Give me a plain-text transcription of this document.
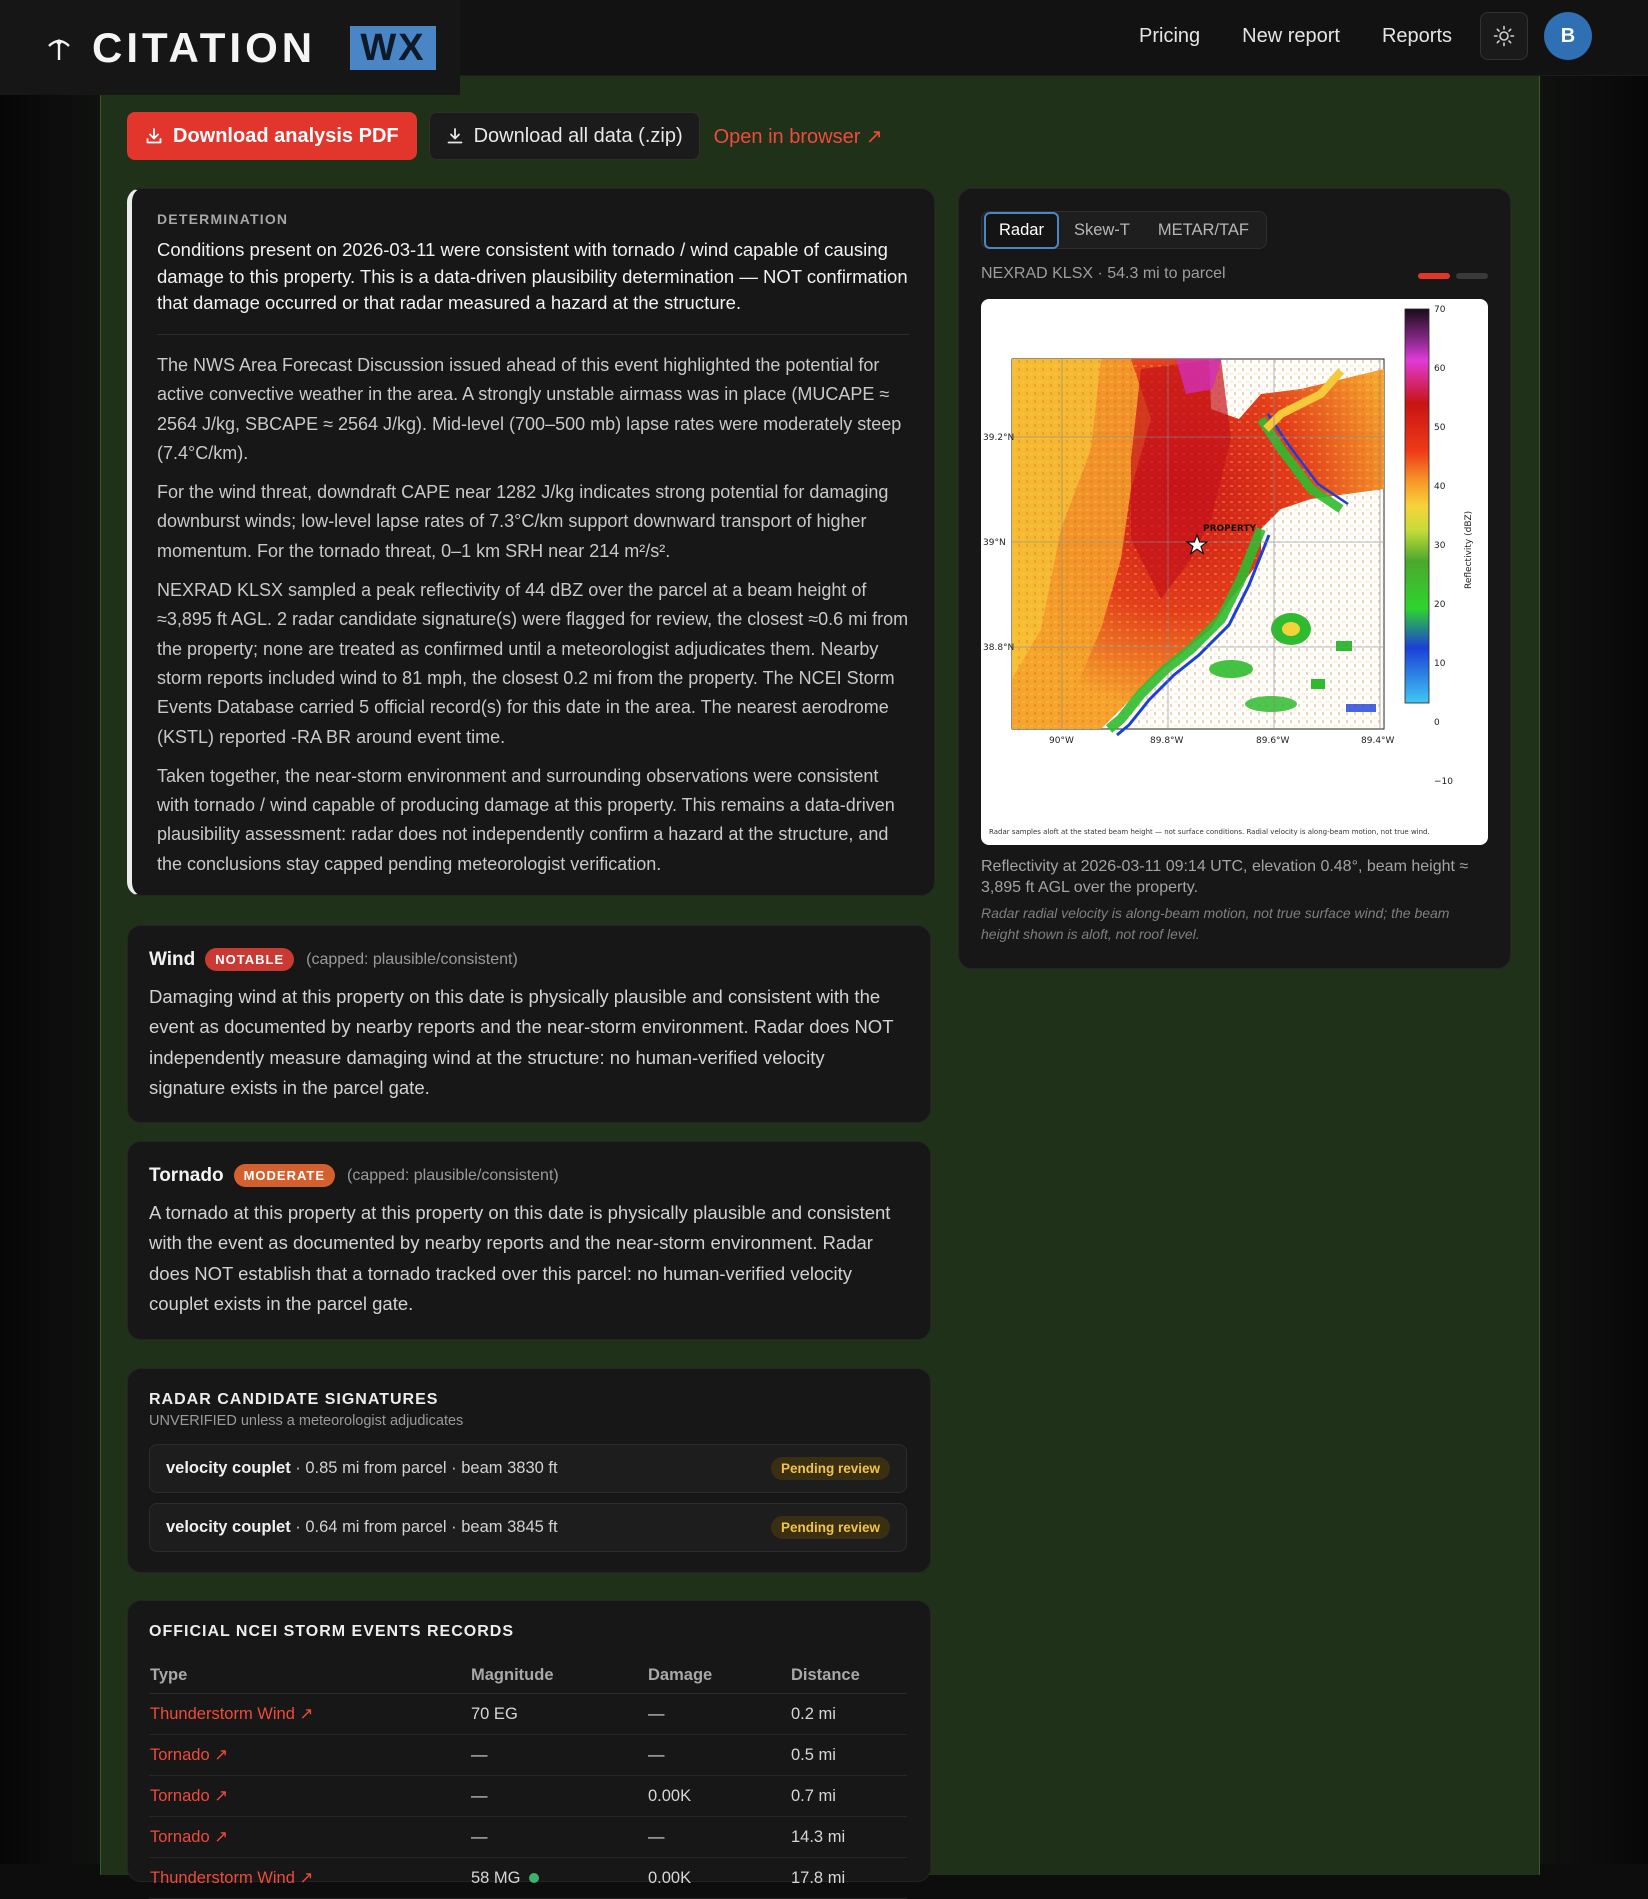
CITATION WX	Pricing New report Reports	B
Download analysis PDF	Download all data (.zip) Open in browser ↗
DETERMINATION
Conditions present on 2026-03-11 were consistent with tornado / wind capable of causing damage to this property. This is a data-driven plausibility determination — NOT confirmation that damage occurred or that radar measured a hazard at the structure.

The NWS Area Forecast Discussion issued ahead of this event highlighted the potential for active convective weather in the area. A strongly unstable airmass was in place (MUCAPE ≈ 2564 J/kg, SBCAPE ≈ 2564 J/kg). Mid-level (700–500 mb) lapse rates were moderately steep (7.4°C/km).

For the wind threat, downdraft CAPE near 1282 J/kg indicates strong potential for damaging downburst winds; low-level lapse rates of 7.3°C/km support downward transport of higher momentum. For the tornado threat, 0–1 km SRH near 214 m²/s².

NEXRAD KLSX sampled a peak reflectivity of 44 dBZ over the parcel at a beam height of ≈3,895 ft AGL. 2 radar candidate signature(s) were flagged for review, the closest ≈0.6 mi from the property; none are treated as confirmed until a meteorologist adjudicates them. Nearby storm reports included wind to 81 mph, the closest 0.2 mi from the property. The NCEI Storm Events Database carried 5 official record(s) for this date in the area. The nearest aerodrome (KSTL) reported -RA BR around event time.

Taken together, the near-storm environment and surrounding observations were consistent with tornado / wind capable of producing damage at this property. This remains a data-driven plausibility assessment: radar does not independently confirm a hazard at the structure, and the conclusions stay capped pending meteorologist verification.

Wind	NOTABLE	(capped: plausible/consistent)
Damaging wind at this property on this date is physically plausible and consistent with the event as documented by nearby reports and the near-storm environment. Radar does NOT independently measure damaging wind at the structure: no human-verified velocity signature exists in the parcel gate.
Tornado	MODERATE	(capped: plausible/consistent)
A tornado at this property at this property on this date is physically plausible and consistent with the event as documented by nearby reports and the near-storm environment. Radar does NOT establish that a tornado tracked over this parcel: no human-verified velocity couplet exists in the parcel gate.
RADAR CANDIDATE SIGNATURES
UNVERIFIED unless a meteorologist adjudicates
velocity couplet · 0.85 mi from parcel · beam 3830 ft	Pending review
velocity couplet · 0.64 mi from parcel · beam 3845 ft	Pending review
OFFICIAL NCEI STORM EVENTS RECORDS
Type	Magnitude	Damage	Distance
Thunderstorm Wind ↗	70 EG	—	0.2 mi
Tornado ↗	—	—	0.5 mi
Tornado ↗	—	0.00K	0.7 mi
Tornado ↗	—	—	14.3 mi
Thunderstorm Wind ↗	58 MG	0.00K	17.8 mi
Radar	Skew-T	METAR/TAF
NEXRAD KLSX · 54.3 mi to parcel
39.2°N
39°N
38.8°N
90°W	89.8°W	89.6°W	89.4°W
PROPERTY
70
60
50
40
30
20
10
0
−10
Reflectivity (dBZ)
Radar samples aloft at the stated beam height — not surface conditions. Radial velocity is along-beam motion, not true wind.
Reflectivity at 2026-03-11 09:14 UTC, elevation 0.48°, beam height ≈ 3,895 ft AGL over the property.
Radar radial velocity is along-beam motion, not true surface wind; the beam height shown is aloft, not roof level.
